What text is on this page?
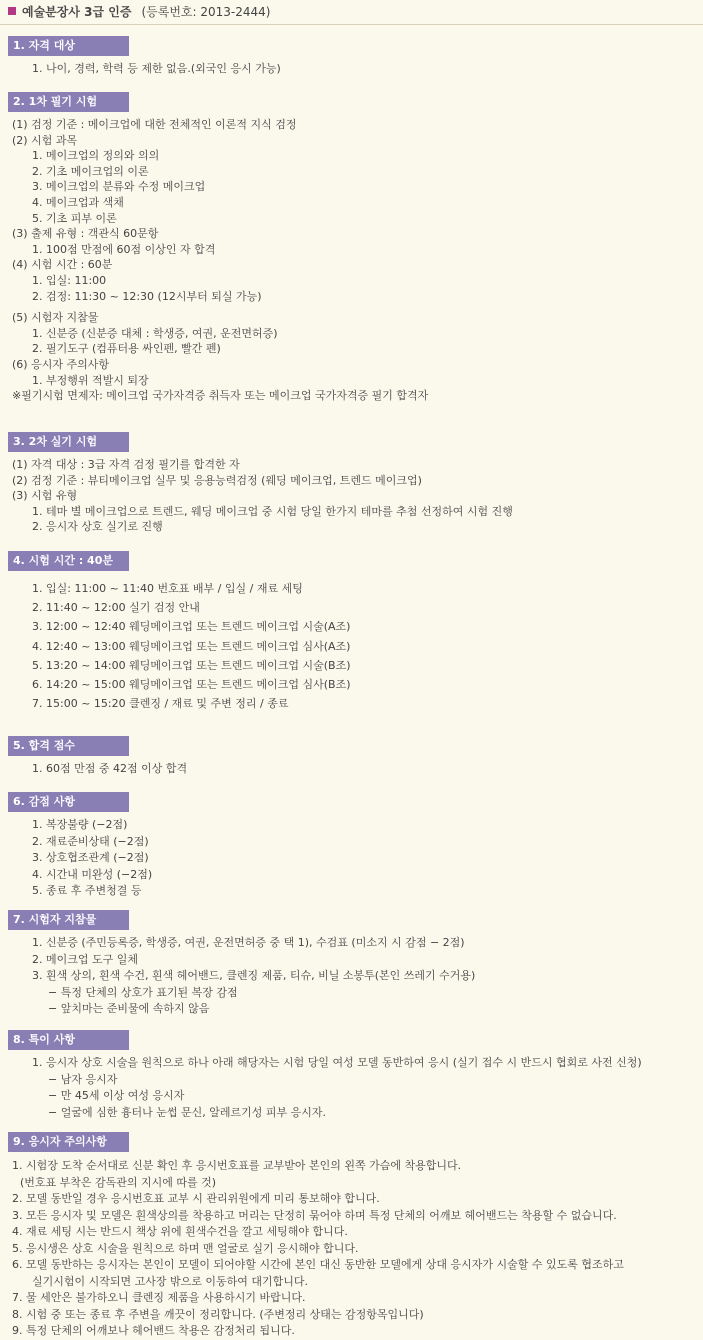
예술분장사 3급 인증 (등록번호: 2013-2444)
1. 자격 대상
1. 나이, 경력, 학력 등 제한 없음.(외국인 응시 가능)
2. 1차 필기 시험
(1) 검정 기준 : 메이크업에 대한 전체적인 이론적 지식 검정
(2) 시험 과목
1. 메이크업의 정의와 의의
2. 기초 메이크업의 이론
3. 메이크업의 분류와 수정 메이크업
4. 메이크업과 색채
5. 기초 피부 이론
(3) 출제 유형 : 객관식 60문항
1. 100점 만점에 60점 이상인 자 합격
(4) 시험 시간 : 60분
1. 입실: 11:00
2. 검정: 11:30 ~ 12:30 (12시부터 퇴실 가능)
(5) 시험자 지참물
1. 신분증 (신분증 대체 : 학생증, 여권, 운전면허증)
2. 필기도구 (컴퓨터용 싸인펜, 빨간 펜)
(6) 응시자 주의사항
1. 부정행위 적발시 퇴장
※필기시험 면제자: 메이크업 국가자격증 취득자 또는 메이크업 국가자격증 필기 합격자
3. 2차 실기 시험
(1) 자격 대상 : 3급 자격 검정 필기를 합격한 자
(2) 검정 기준 : 뷰티메이크업 실무 및 응용능력검정 (웨딩 메이크업, 트렌드 메이크업)
(3) 시험 유형
1. 테마 별 메이크업으로 트렌드, 웨딩 메이크업 중 시험 당일 한가지 테마를 추첨 선정하여 시험 진행
2. 응시자 상호 실기로 진행
4. 시험 시간 : 40분
1. 입실: 11:00 ~ 11:40 번호표 배부 / 입실 / 재료 세팅
2. 11:40 ~ 12:00 실기 검정 안내
3. 12:00 ~ 12:40 웨딩메이크업 또는 트렌드 메이크업 시술(A조)
4. 12:40 ~ 13:00 웨딩메이크업 또는 트렌드 메이크업 심사(A조)
5. 13:20 ~ 14:00 웨딩메이크업 또는 트렌드 메이크업 시술(B조)
6. 14:20 ~ 15:00 웨딩메이크업 또는 트렌드 메이크업 심사(B조)
7. 15:00 ~ 15:20 클렌징 / 재료 및 주변 정리 / 종료
5. 합격 점수
1. 60점 만점 중 42점 이상 합격
6. 감점 사항
1. 복장불량 (−2점)
2. 재료준비상태 (−2점)
3. 상호협조관계 (−2점)
4. 시간내 미완성 (−2점)
5. 종료 후 주변청결 등
7. 시험자 지참물
1. 신분증 (주민등록증, 학생증, 여권, 운전면허증 중 택 1), 수검표 (미소지 시 감점 − 2점)
2. 메이크업 도구 일체
3. 흰색 상의, 흰색 수건, 흰색 헤어밴드, 클렌징 제품, 티슈, 비닐 소봉투(본인 쓰레기 수거용)
− 특정 단체의 상호가 표기된 복장 감점
− 앞치마는 준비물에 속하지 않음
8. 특이 사항
1. 응시자 상호 시술을 원칙으로 하나 아래 해당자는 시험 당일 여성 모델 동반하여 응시 (실기 접수 시 반드시 협회로 사전 신청)
− 남자 응시자
− 만 45세 이상 여성 응시자
− 얼굴에 심한 흉터나 눈썹 문신, 알레르기성 피부 응시자.
9. 응시자 주의사항
1. 시험장 도착 순서대로 신분 확인 후 응시번호표를 교부받아 본인의 왼쪽 가슴에 착용합니다.
(번호표 부착은 감독관의 지시에 따를 것)
2. 모델 동반일 경우 응시번호표 교부 시 관리위원에게 미리 통보해야 합니다.
3. 모든 응시자 및 모델은 흰색상의를 착용하고 머리는 단정히 묶어야 하며 특정 단체의 어깨보 헤어밴드는 착용할 수 없습니다.
4. 재료 세팅 시는 반드시 책상 위에 흰색수건을 깔고 세팅해야 합니다.
5. 응시생은 상호 시술을 원칙으로 하며 맨 얼굴로 실기 응시해야 합니다.
6. 모델 동반하는 응시자는 본인이 모델이 되어야할 시간에 본인 대신 동반한 모델에게 상대 응시자가 시술할 수 있도록 협조하고
실기시험이 시작되면 고사장 밖으로 이동하여 대기합니다.
7. 물 세안은 불가하오니 클렌징 제품을 사용하시기 바랍니다.
8. 시험 중 또는 종료 후 주변을 깨끗이 정리합니다. (주변정리 상태는 감정항목입니다)
9. 특정 단체의 어깨보나 헤어밴드 착용은 감정처리 됩니다.
